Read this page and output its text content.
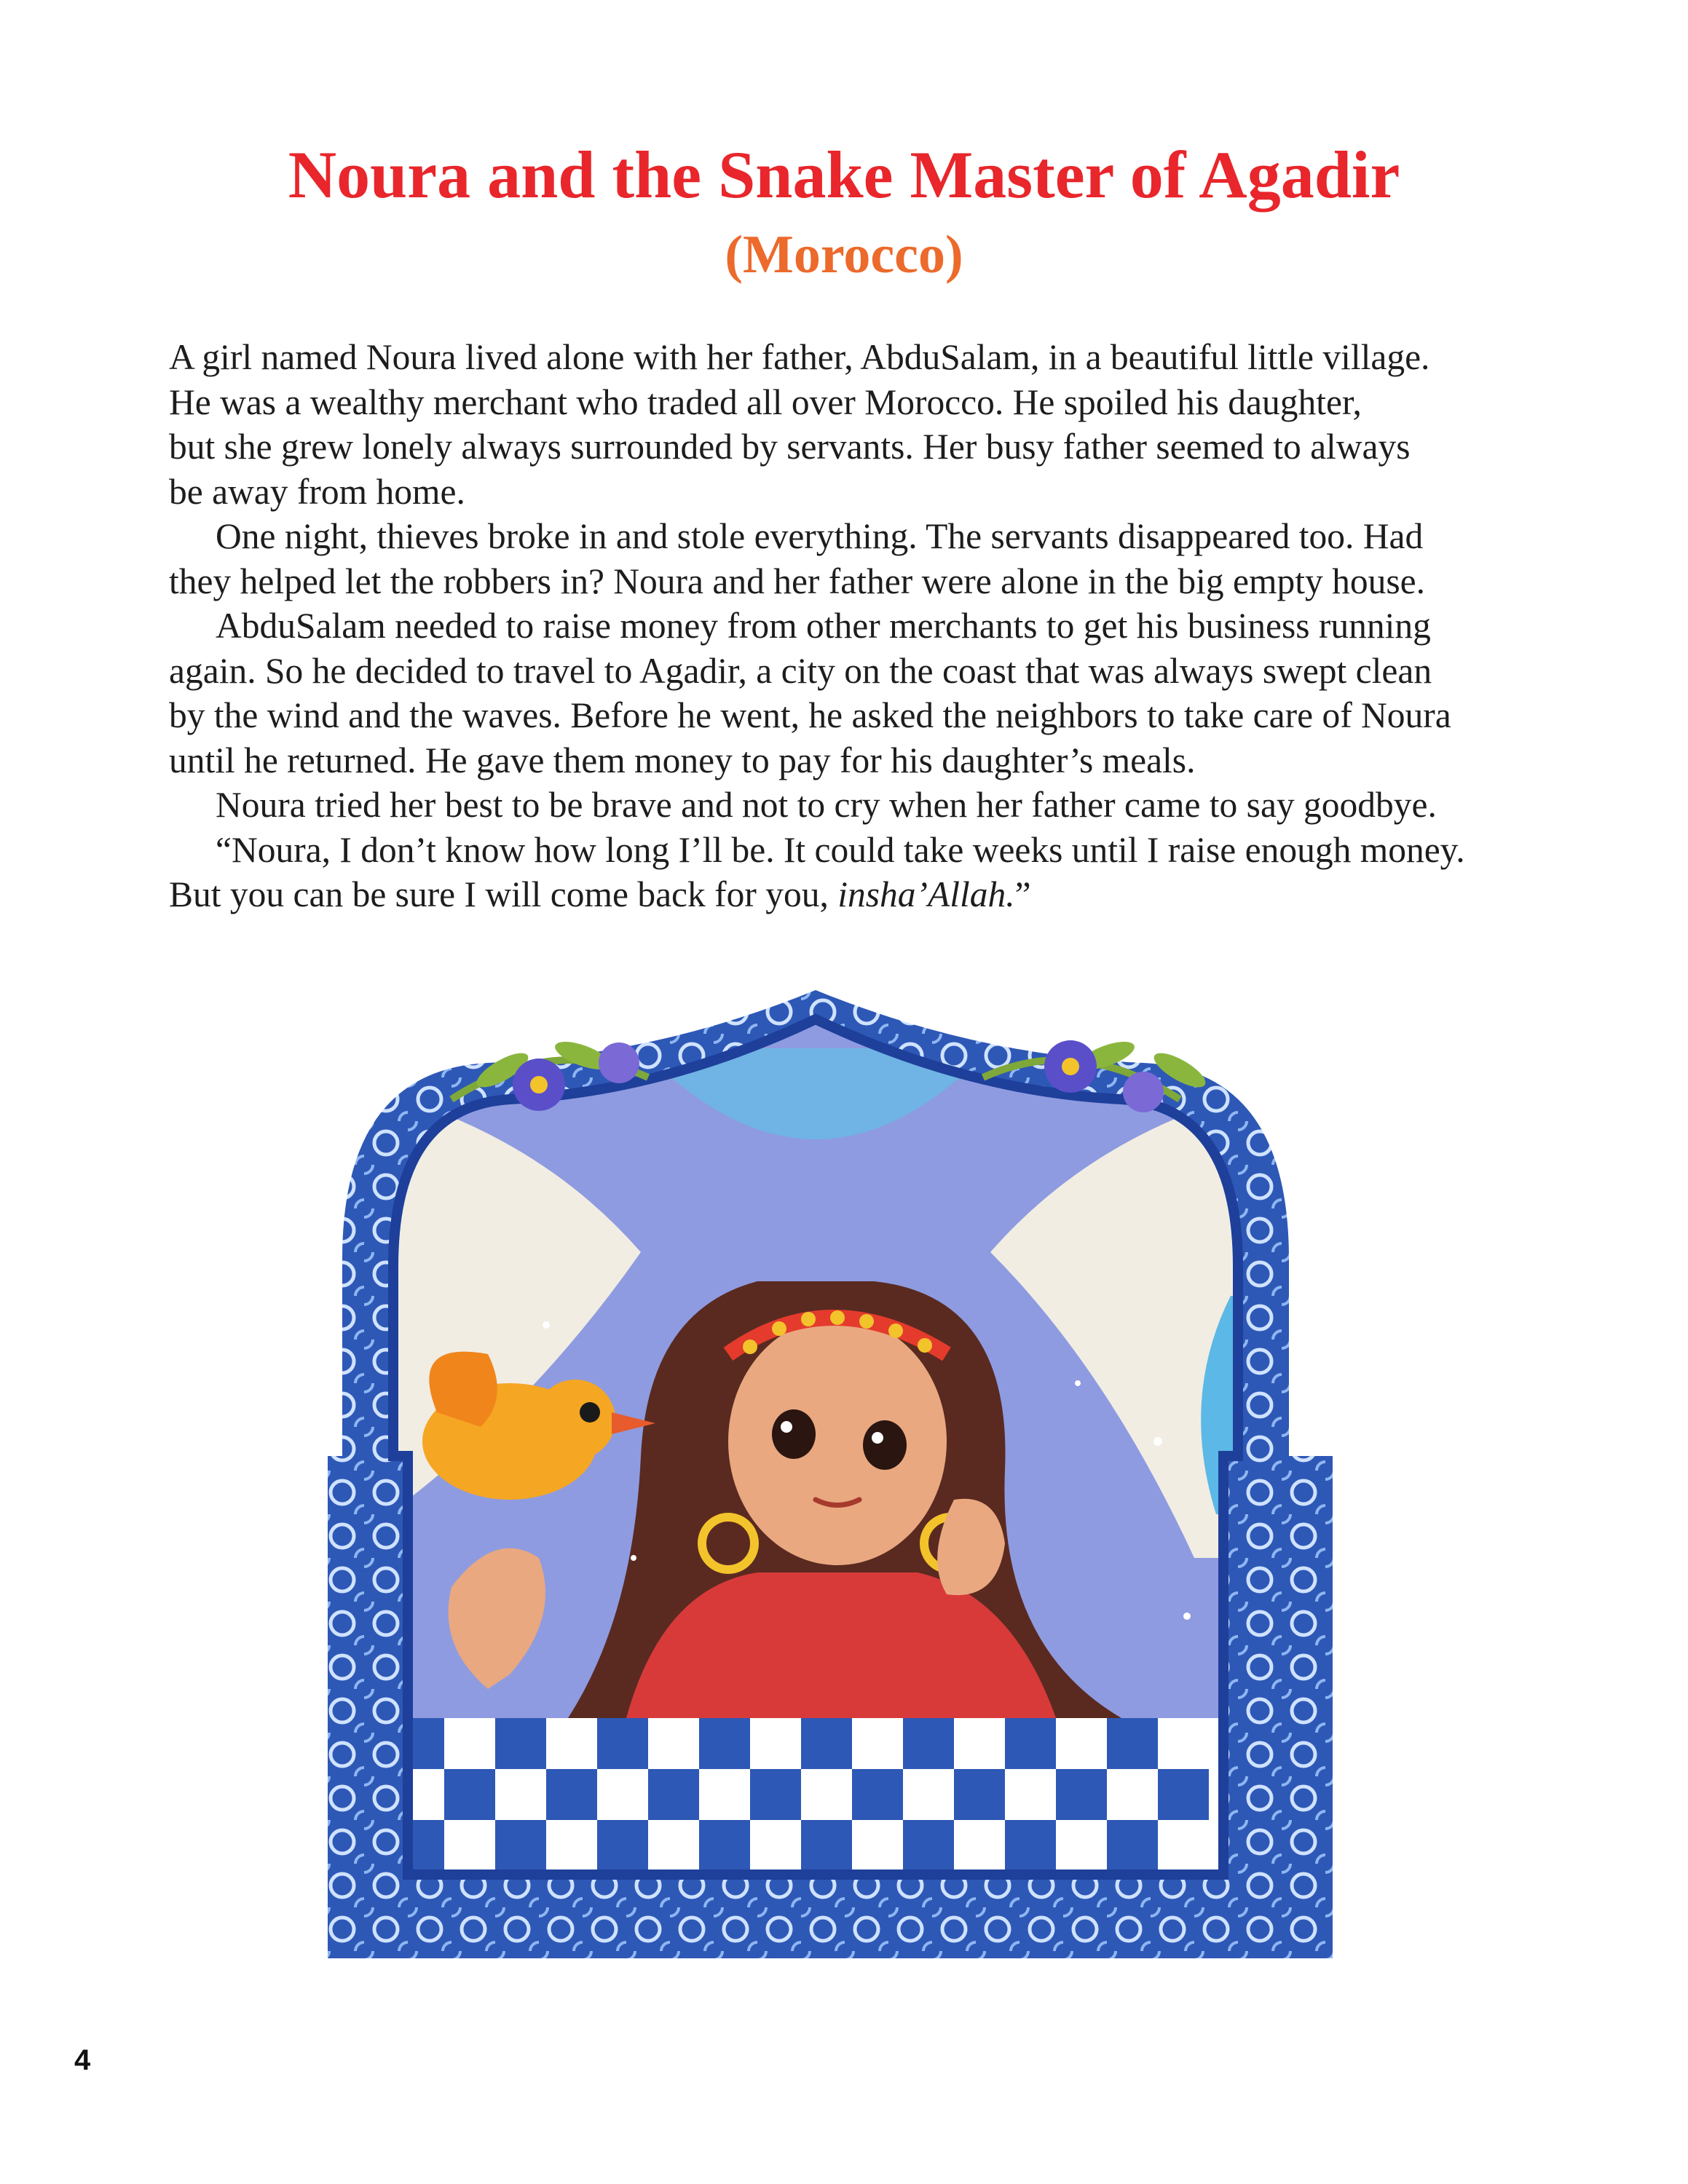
Noura and the Snake Master of Agadir
(Morocco)
A girl named Noura lived alone with her father, AbduSalam, in a beautiful little village.
He was a wealthy merchant who traded all over Morocco. He spoiled his daughter,
but she grew lonely always surrounded by servants. Her busy father seemed to always
be away from home.
One night, thieves broke in and stole everything. The servants disappeared too. Had
they helped let the robbers in? Noura and her father were alone in the big empty house.
AbduSalam needed to raise money from other merchants to get his business running
again. So he decided to travel to Agadir, a city on the coast that was always swept clean
by the wind and the waves. Before he went, he asked the neighbors to take care of Noura
until he returned. He gave them money to pay for his daughter’s meals.
Noura tried her best to be brave and not to cry when her father came to say goodbye.
“Noura, I don’t know how long I’ll be. It could take weeks until I raise enough money.
But you can be sure I will come back for you, insha’Allah.”
4
